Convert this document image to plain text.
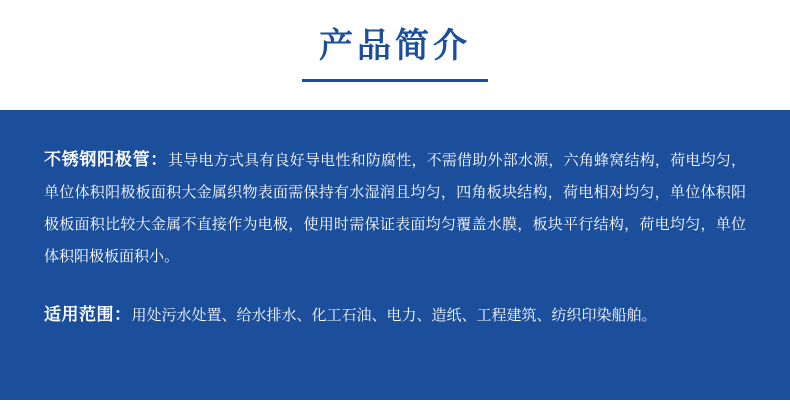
产品简介
不锈钢阳极管：其导电方式具有良好导电性和防腐性，不需借助外部水源，六角蜂窝结构，荷电均匀，单位体积阳极板面积大金属织物表面需保持有水湿润且均匀，四角板块结构，荷电相对均匀，单位体积阳极板面积比较大金属不直接作为电极，使用时需保证表面均匀覆盖水膜，板块平行结构，荷电均匀，单位体积阳极板面积小。
适用范围：用处污水处置、给水排水、化工石油、电力、造纸、工程建筑、纺织印染船舶。
